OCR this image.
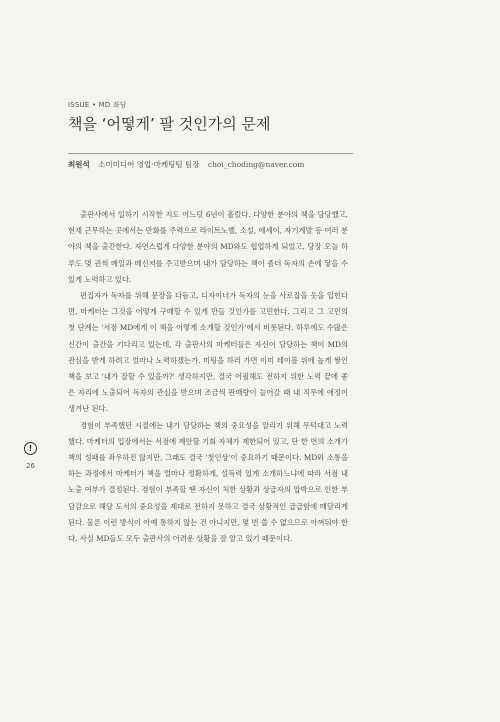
ISSUE • MD 좌담
책을 ‘어떻게’ 팔 것인가의 문제
최원석 소미미디어 영업·마케팅팀 팀장 choi_choding@naver.com

출판사에서 일하기 시작한 지도 어느덧 6년이 흘렀다. 다양한 분야의 책을 담당했고, 현재 근무하는 곳에서는 만화를 주력으로 라이트노벨, 소설, 에세이, 자기계발 등 여러 분야의 책을 출간한다. 자연스럽게 다양한 분야의 MD와도 협업하게 되었고, 당장 오늘 하루도 몇 권씩 메일과 메신저를 주고받으며 내가 담당하는 책이 좀더 독자의 손에 닿을 수 있게 노력하고 있다.

편집자가 독자를 위해 문장을 다듬고, 디자이너가 독자의 눈을 사로잡을 옷을 입힌다면, 마케터는 그것을 어떻게 구매할 수 있게 만들 것인가를 고민한다. 그리고 그 고민의 첫 단계는 '서점 MD에게 이 책을 어떻게 소개할 것인가'에서 비롯된다. 하루에도 수많은 신간이 출간을 기다리고 있는데, 각 출판사의 마케터들은 자신이 담당하는 책이 MD의 관심을 받게 하려고 얼마나 노력하겠는가. 미팅을 하러 가면 이미 테이블 위에 높게 쌓인 책을 보고 '내가 잘할 수 있을까?' 생각하지만, 결국 어필해도 전하지 위한 노력 끝에 좋은 자리에 노출되어 독자의 관심을 받으며 조금씩 판매량이 늘어갈 때 내 직무에 애정이 생겨난 된다.

경험이 부족했던 시절에는 내가 담당하는 책의 중요성을 알리기 위해 무턱대고 노력했다. 마케터의 입장에서는 서점에 제안할 기회 자체가 제한되어 있고, 단 한 번의 소개가 책의 성패를 좌우하진 않지만, 그래도 결국 '첫인상'이 중요하기 때문이다. MD와 소통을 하는 과정에서 마케터가 책을 얼마나 정확하게, 설득력 있게 소개하느냐에 따라 서점 내 노출 여부가 결정된다. 경험이 부족할 땐 자신이 처한 상황과 상급자의 압박으로 인한 부담감으로 해당 도서의 중요성을 제대로 전하지 못하고 결국 상황적인 급급함에 매달리게 된다. 물론 이런 방식이 아예 통하지 않는 건 아니지만, 몇 번 쓸 수 없으므로 아껴둬야 한다. 사실 MD들도 모두 출판사의 어려운 상황을 잘 알고 있기 때문이다.

!
26
